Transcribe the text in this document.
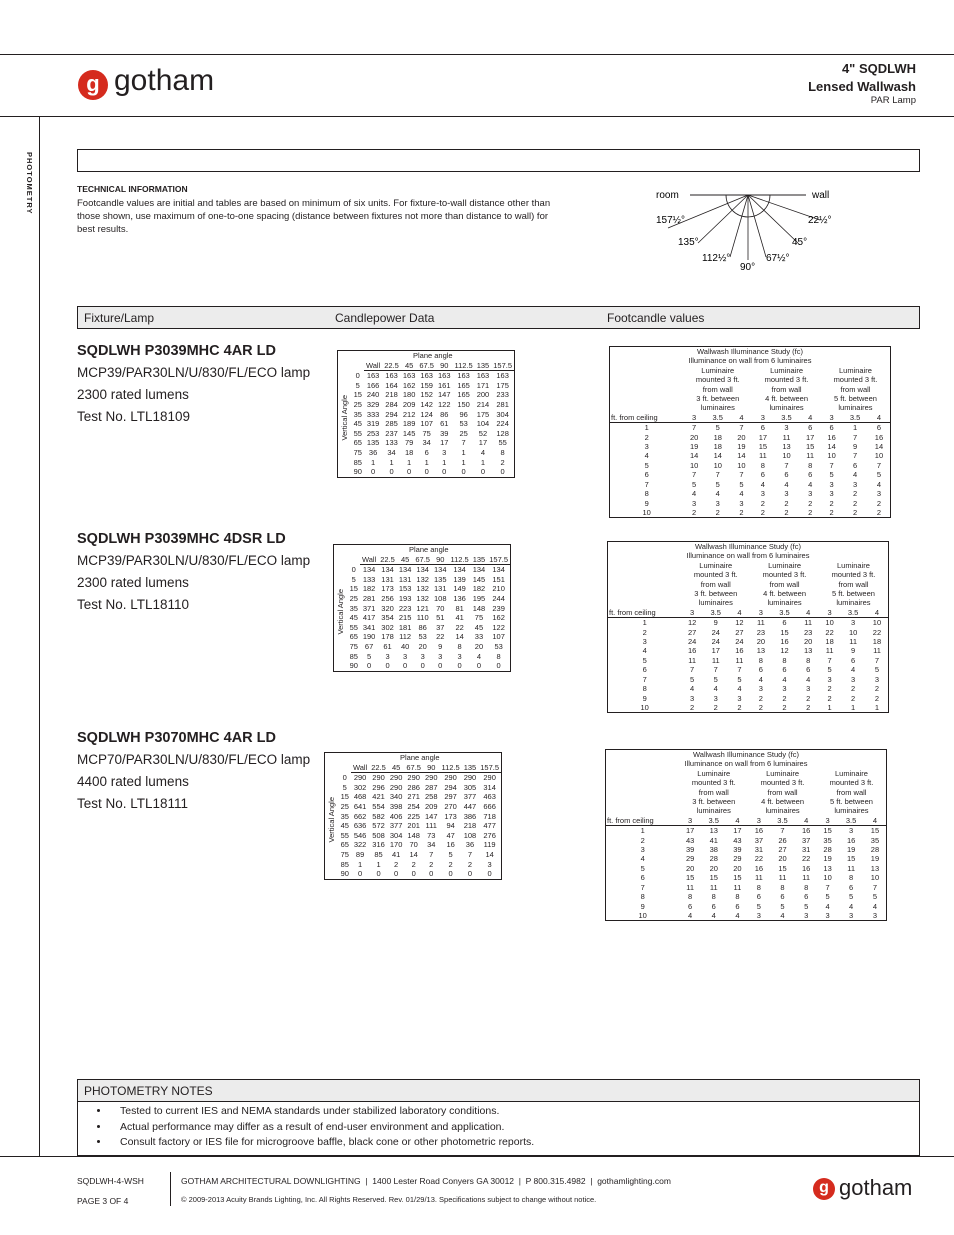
g gotham	4" SQDLWH
Lensed Wallwash
PAR Lamp
PHOTOMETRY	TECHNICAL INFORMATION
Footcandle values are initial and tables are based on minimum of six units. For fixture-to-wall distance other than those shown, use maximum of one-to-one spacing (distance between fixtures not more than distance to wall) for best results.
room	wall
157½°
135°
112½°
90°
67½°
45°
22½°
Fixture/Lamp	Candlepower Data	Footcandle values
SQDLWH P3039MHC 4AR LD
MCP39/PAR30LN/U/830/FL/ECO lamp
2300 rated lumens
Test No. LTL18109
	Plane angle								
Vertical Angle		Wall	22.5	45	67.5	90	112.5	135	157.5
	0	163	163	163	163	163	163	163	163
	5	166	164	162	159	161	165	171	175
	15	240	218	180	152	147	165	200	233
	25	329	284	209	142	122	150	214	281
	35	333	294	212	124	86	96	175	304
	45	319	285	189	107	61	53	104	224
	55	253	237	145	75	39	25	52	128
	65	135	133	79	34	17	7	17	55
	75	36	34	18	6	3	1	4	8
	85	1	1	1	1	1	1	1	2
	90	0	0	0	0	0	0	0	0
Wallwash Illuminance Study (fc)									
Illuminance on wall from 6 luminaires									
	Luminaire			Luminaire			Luminaire		
	mounted 3 ft.			mounted 3 ft.			mounted 3 ft.		
	from wall			from wall			from wall		
	3 ft. between			4 ft. between			5 ft. between		
	luminaires			luminaires			luminaires		
ft. from ceiling	3	3.5	4	3	3.5	4	3	3.5	4
1	7	5	7	6	3	6	6	1	6
2	20	18	20	17	11	17	16	7	16
3	19	18	19	15	13	15	14	9	14
4	14	14	14	11	10	11	10	7	10
5	10	10	10	8	7	8	7	6	7
6	7	7	7	6	6	6	5	4	5
7	5	5	5	4	4	4	3	3	4
8	4	4	4	3	3	3	3	2	3
9	3	3	3	2	2	2	2	2	2
10	2	2	2	2	2	2	2	2	2
SQDLWH P3039MHC 4DSR LD
MCP39/PAR30LN/U/830/FL/ECO lamp
2300 rated lumens
Test No. LTL18110
	Plane angle								
Vertical Angle		Wall	22.5	45	67.5	90	112.5	135	157.5
	0	134	134	134	134	134	134	134	134
	5	133	131	131	132	135	139	145	151
	15	182	173	153	132	131	149	182	210
	25	281	256	193	132	108	136	195	244
	35	371	320	223	121	70	81	148	239
	45	417	354	215	110	51	41	75	162
	55	341	302	181	86	37	22	45	122
	65	190	178	112	53	22	14	33	107
	75	67	61	40	20	9	8	20	53
	85	5	3	3	3	3	3	4	8
	90	0	0	0	0	0	0	0	0
Wallwash Illuminance Study (fc)									
Illuminance on wall from 6 luminaires									
	Luminaire			Luminaire			Luminaire		
	mounted 3 ft.			mounted 3 ft.			mounted 3 ft.		
	from wall			from wall			from wall		
	3 ft. between			4 ft. between			5 ft. between		
	luminaires			luminaires			luminaires		
ft. from ceiling	3	3.5	4	3	3.5	4	3	3.5	4
1	12	9	12	11	6	11	10	3	10
2	27	24	27	23	15	23	22	10	22
3	24	24	24	20	16	20	18	11	18
4	16	17	16	13	12	13	11	9	11
5	11	11	11	8	8	8	7	6	7
6	7	7	7	6	6	6	5	4	5
7	5	5	5	4	4	4	3	3	3
8	4	4	4	3	3	3	2	2	2
9	3	3	3	2	2	2	2	2	2
10	2	2	2	2	2	2	1	1	1
SQDLWH P3070MHC 4AR LD
MCP70/PAR30LN/U/830/FL/ECO lamp
4400 rated lumens
Test No. LTL18111
	Plane angle								
Vertical Angle		Wall	22.5	45	67.5	90	112.5	135	157.5
	0	290	290	290	290	290	290	290	290
	5	302	296	290	286	287	294	305	314
	15	468	421	340	271	258	297	377	463
	25	641	554	398	254	209	270	447	666
	35	662	582	406	225	147	173	386	718
	45	636	572	377	201	111	94	218	477
	55	546	508	304	148	73	47	108	276
	65	322	316	170	70	34	16	36	119
	75	89	85	41	14	7	5	7	14
	85	1	1	2	2	2	2	2	3
	90	0	0	0	0	0	0	0	0
Wallwash Illuminance Study (fc)									
Illuminance on wall from 6 luminaires									
	Luminaire			Luminaire			Luminaire		
	mounted 3 ft.			mounted 3 ft.			mounted 3 ft.		
	from wall			from wall			from wall		
	3 ft. between			4 ft. between			5 ft. between		
	luminaires			luminaires			luminaires		
ft. from ceiling	3	3.5	4	3	3.5	4	3	3.5	4
1	17	13	17	16	7	16	15	3	15
2	43	41	43	37	26	37	35	16	35
3	39	38	39	31	27	31	28	19	28
4	29	28	29	22	20	22	19	15	19
5	20	20	20	16	15	16	13	11	13
6	15	15	15	11	11	11	10	8	10
7	11	11	11	8	8	8	7	6	7
8	8	8	8	6	6	6	5	5	5
9	6	6	6	5	5	5	4	4	4
10	4	4	4	3	4	3	3	3	3
PHOTOMETRY NOTES
• Tested to current IES and NEMA standards under stabilized laboratory conditions.
• Actual performance may differ as a result of end-user environment and application.
• Consult factory or IES file for microgroove baffle, black cone or other photometric reports.
SQDLWH-4-WSH
PAGE 3 OF 4
GOTHAM ARCHITECTURAL DOWNLIGHTING  |  1400 Lester Road Conyers GA 30012  |  P 800.315.4982  |  gothamlighting.com
© 2009-2013 Acuity Brands Lighting, Inc. All Rights Reserved. Rev. 01/29/13. Specifications subject to change without notice.
g gotham
